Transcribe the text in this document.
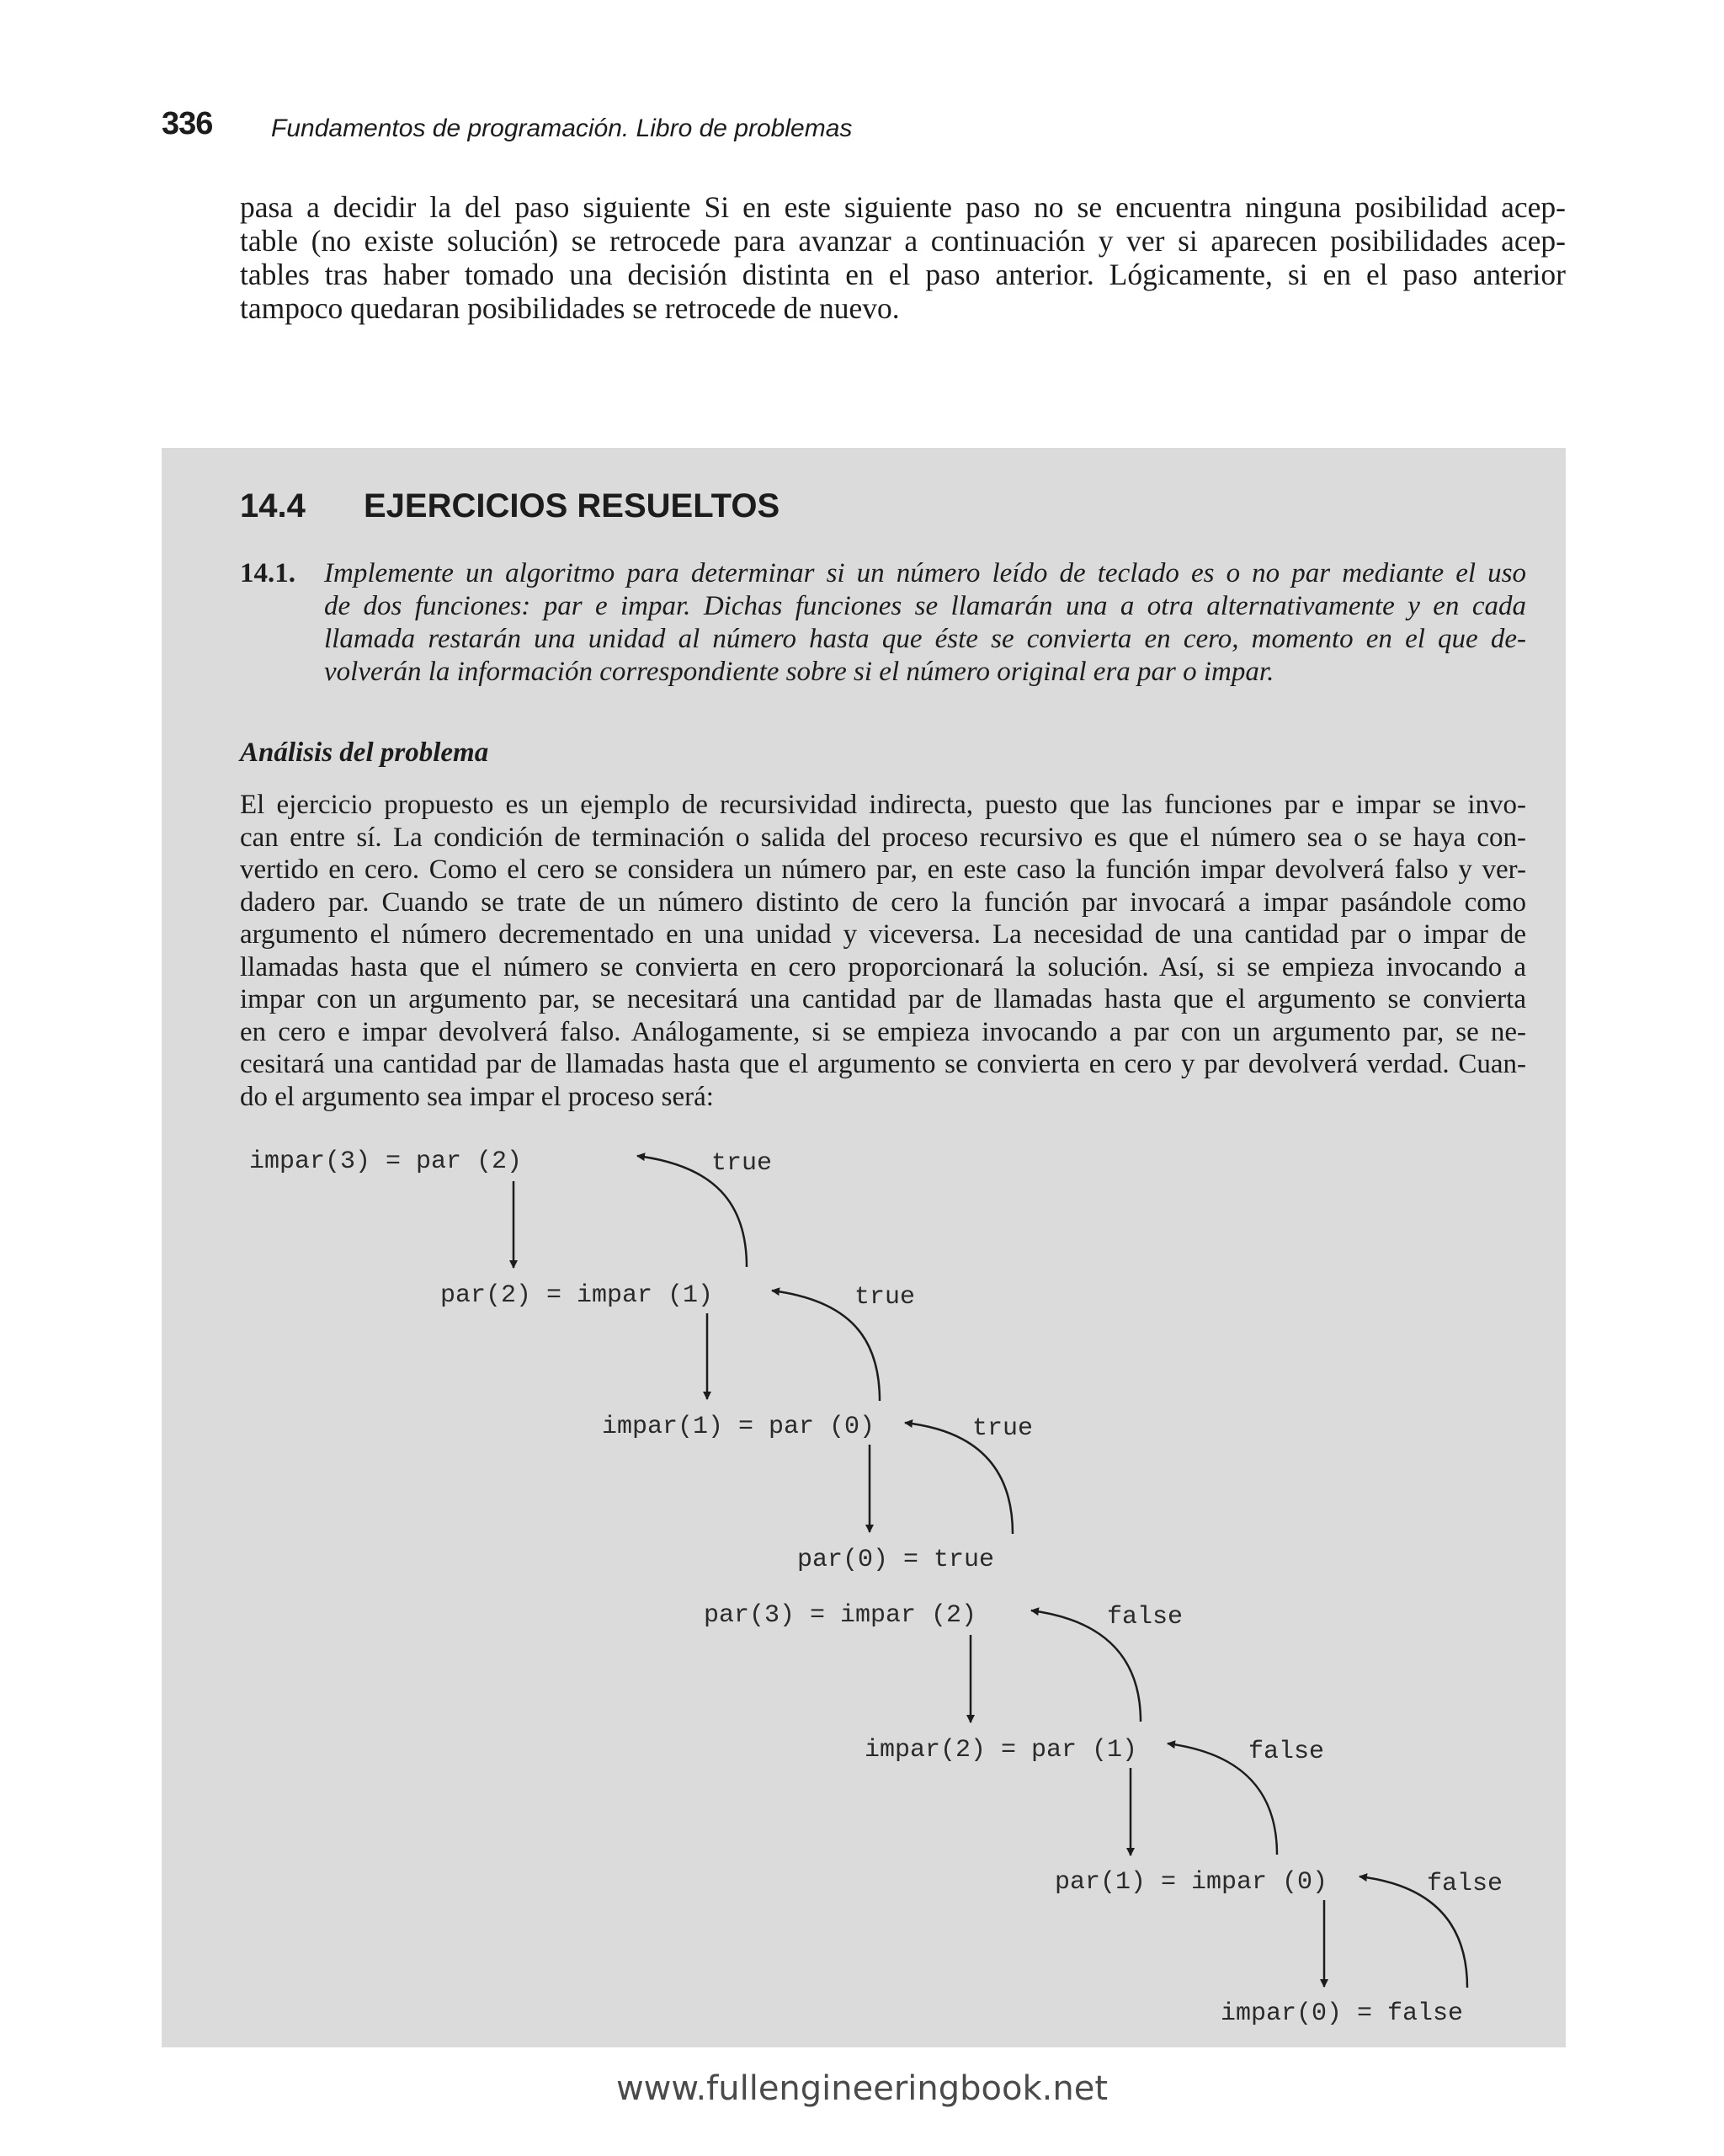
336 Fundamentos de programación. Libro de problemas
pasa a decidir la del paso siguiente Si en este siguiente paso no se encuentra ninguna posibilidad acep-
table (no existe solución) se retrocede para avanzar a continuación y ver si aparecen posibilidades acep-
tables tras haber tomado una decisión distinta en el paso anterior. Lógicamente, si en el paso anterior
tampoco quedaran posibilidades se retrocede de nuevo.
14.4 EJERCICIOS RESUELTOS
14.1. Implemente un algoritmo para determinar si un número leído de teclado es o no par mediante el uso
de dos funciones: par e impar. Dichas funciones se llamarán una a otra alternativamente y en cada
llamada restarán una unidad al número hasta que éste se convierta en cero, momento en el que de-
volverán la información correspondiente sobre si el número original era par o impar.
Análisis del problema
El ejercicio propuesto es un ejemplo de recursividad indirecta, puesto que las funciones par e impar se invo-
can entre sí. La condición de terminación o salida del proceso recursivo es que el número sea o se haya con-
vertido en cero. Como el cero se considera un número par, en este caso la función impar devolverá falso y ver-
dadero par. Cuando se trate de un número distinto de cero la función par invocará a impar pasándole como
argumento el número decrementado en una unidad y viceversa. La necesidad de una cantidad par o impar de
llamadas hasta que el número se convierta en cero proporcionará la solución. Así, si se empieza invocando a
impar con un argumento par, se necesitará una cantidad par de llamadas hasta que el argumento se convierta
en cero e impar devolverá falso. Análogamente, si se empieza invocando a par con un argumento par, se ne-
cesitará una cantidad par de llamadas hasta que el argumento se convierta en cero y par devolverá verdad. Cuan-
do el argumento sea impar el proceso será:
impar(3) = par (2)
par(2) = impar (1)
impar(1) = par (0)
par(0) = true
par(3) = impar (2)
impar(2) = par (1)
par(1) = impar (0)
impar(0) = false
true
true
true
false
false
false
www.fullengineeringbook.net
